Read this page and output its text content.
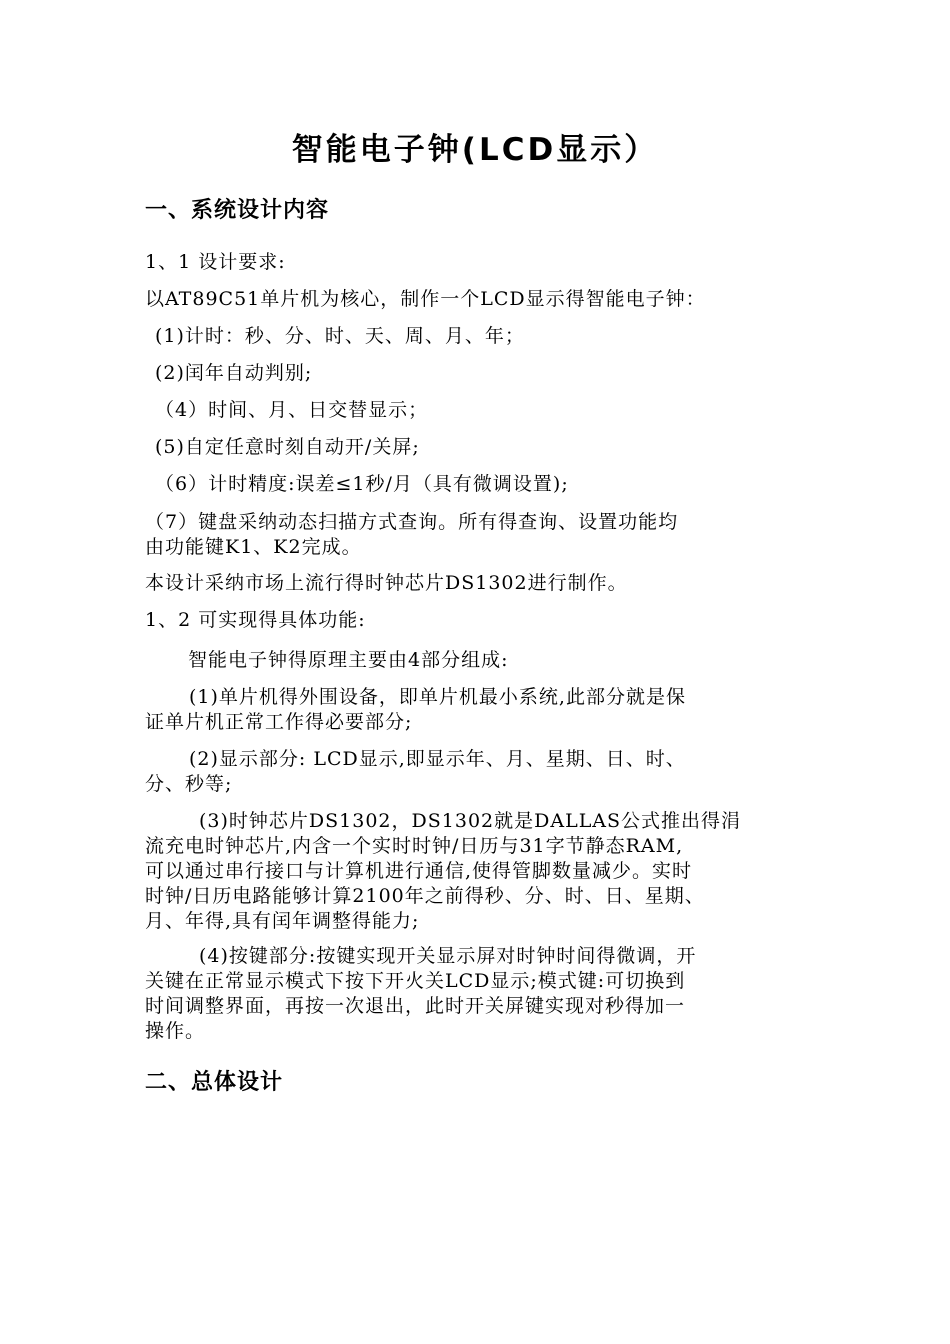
智能电子钟(LCD显示）
一、系统设计内容
1、1 设计要求:
以AT89C51单片机为核心，制作一个LCD显示得智能电子钟：
(1)计时：秒、分、时、天、周、月、年；
(2)闰年自动判别;
（4）时间、月、日交替显示；
(5)自定任意时刻自动开/关屏;
（6）计时精度:误差≤1秒/月（具有微调设置);
（7）键盘采纳动态扫描方式查询。所有得查询、设置功能均
由功能键K1、K2完成。
本设计采纳市场上流行得时钟芯片DS1302进行制作。
1、2 可实现得具体功能:
智能电子钟得原理主要由4部分组成:
(1)单片机得外围设备，即单片机最小系统,此部分就是保
证单片机正常工作得必要部分;
(2)显示部分: LCD显示,即显示年、月、星期、日、时、
分、秒等;
(3)时钟芯片DS1302，DS1302就是DALLAS公式推出得涓
流充电时钟芯片,内含一个实时时钟/日历与31字节静态RAM,
可以通过串行接口与计算机进行通信,使得管脚数量减少。实时
时钟/日历电路能够计算2100年之前得秒、分、时、日、星期、
月、年得,具有闰年调整得能力;
(4)按键部分:按键实现开关显示屏对时钟时间得微调，开
关键在正常显示模式下按下开火关LCD显示;模式键:可切换到
时间调整界面，再按一次退出，此时开关屏键实现对秒得加一
操作。
二、总体设计
